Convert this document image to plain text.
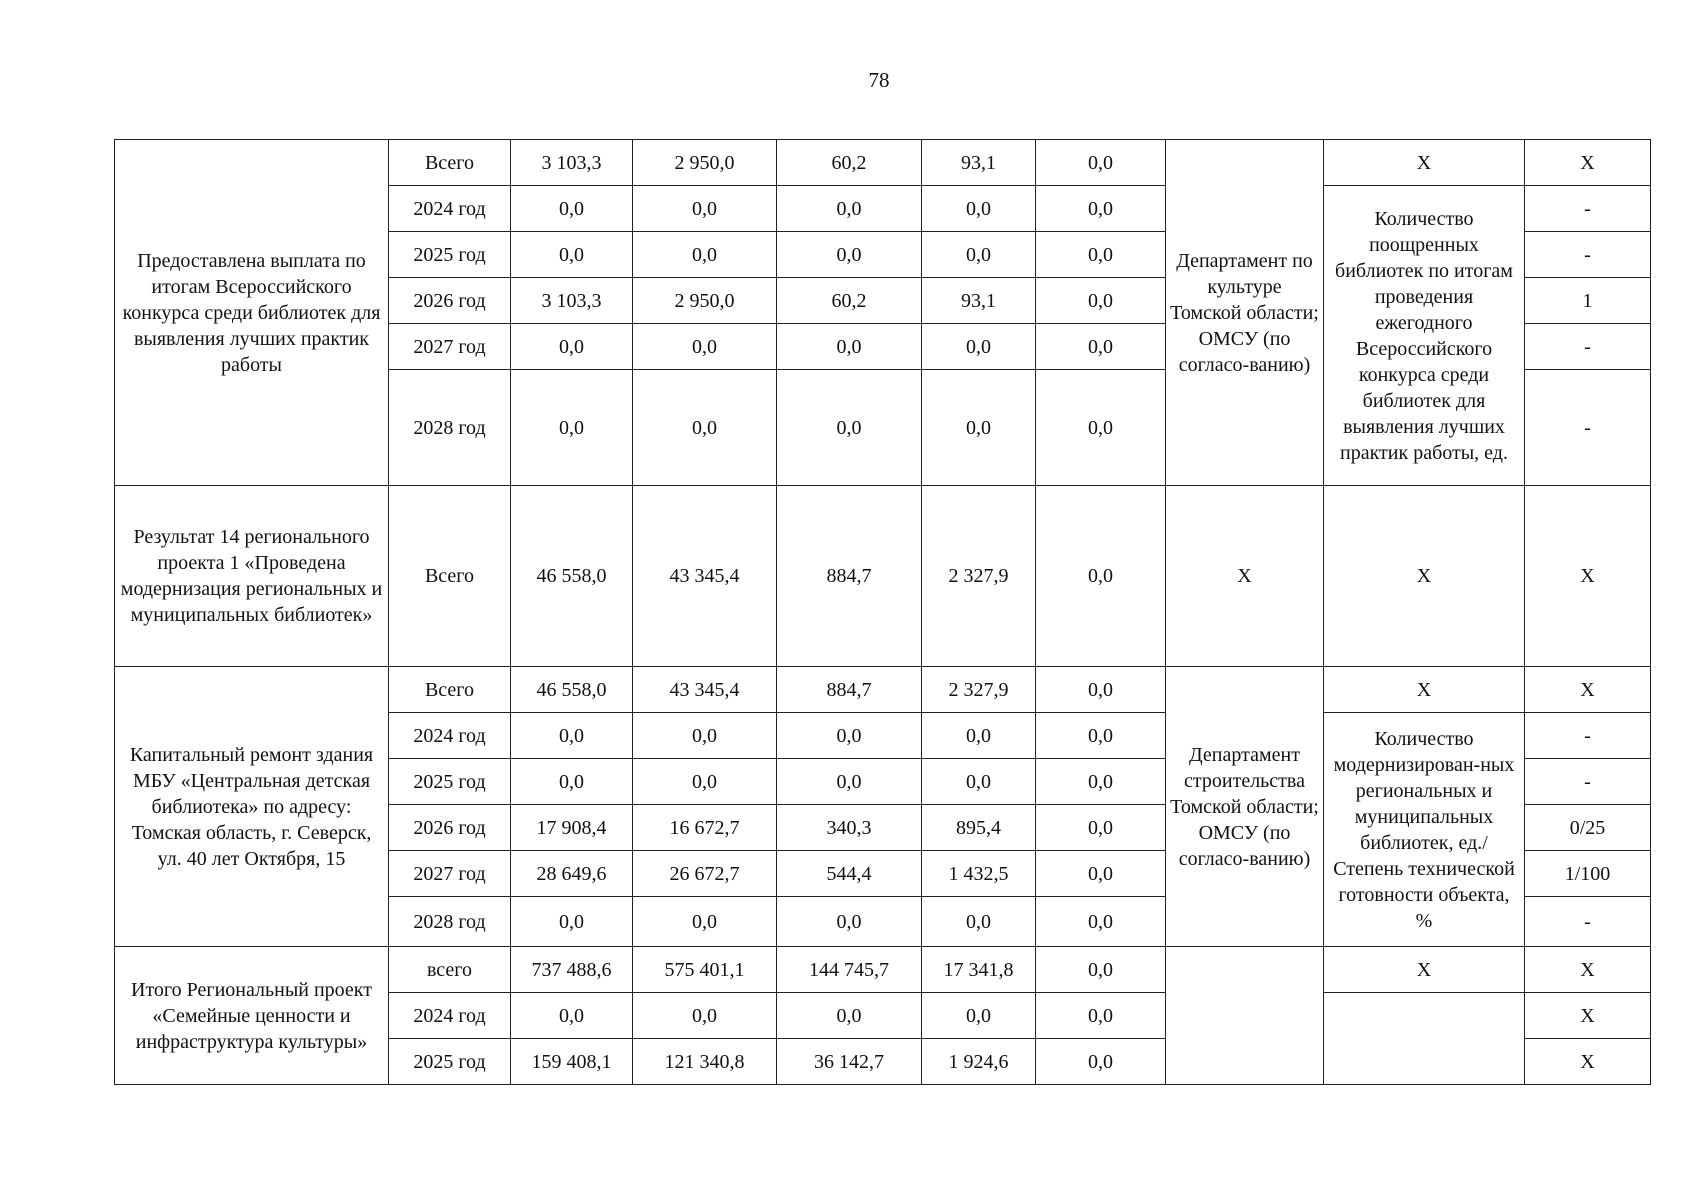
78
Предоставлена выплата по итогам Всероссийского конкурса среди библиотек для выявления лучших практик работы	Всего	3 103,3	2 950,0	60,2	93,1	0,0	Департамент по культуре Томской области; ОМСУ (по согласо-ванию)	Х	Х
	2024 год	0,0	0,0	0,0	0,0	0,0		Количество поощренных библиотек по итогам проведения ежегодного Всероссийского конкурса среди библиотек для выявления лучших практик работы, ед.	-
	2025 год	0,0	0,0	0,0	0,0	0,0			-
	2026 год	3 103,3	2 950,0	60,2	93,1	0,0			1
	2027 год	0,0	0,0	0,0	0,0	0,0			-
	2028 год	0,0	0,0	0,0	0,0	0,0			-
Результат 14 регионального проекта 1 «Проведена модернизация региональных и муниципальных библиотек»	Всего	46 558,0	43 345,4	884,7	2 327,9	0,0	Х	Х	Х
Капитальный ремонт здания МБУ «Центральная детская библиотека» по адресу: Томская область, г. Северск, ул. 40 лет Октября, 15	Всего	46 558,0	43 345,4	884,7	2 327,9	0,0	Департамент строительства Томской области; ОМСУ (по согласо-ванию)	Х	Х
	2024 год	0,0	0,0	0,0	0,0	0,0		Количество модернизирован-ных региональных и муниципальных библиотек, ед./ Степень технической готовности объекта, %	-
	2025 год	0,0	0,0	0,0	0,0	0,0			-
	2026 год	17 908,4	16 672,7	340,3	895,4	0,0			0/25
	2027 год	28 649,6	26 672,7	544,4	1 432,5	0,0			1/100
	2028 год	0,0	0,0	0,0	0,0	0,0			-
Итого Региональный проект «Семейные ценности и инфраструктура культуры»	всего	737 488,6	575 401,1	144 745,7	17 341,8	0,0		Х	Х
	2024 год	0,0	0,0	0,0	0,0	0,0			Х
	2025 год	159 408,1	121 340,8	36 142,7	1 924,6	0,0			Х
